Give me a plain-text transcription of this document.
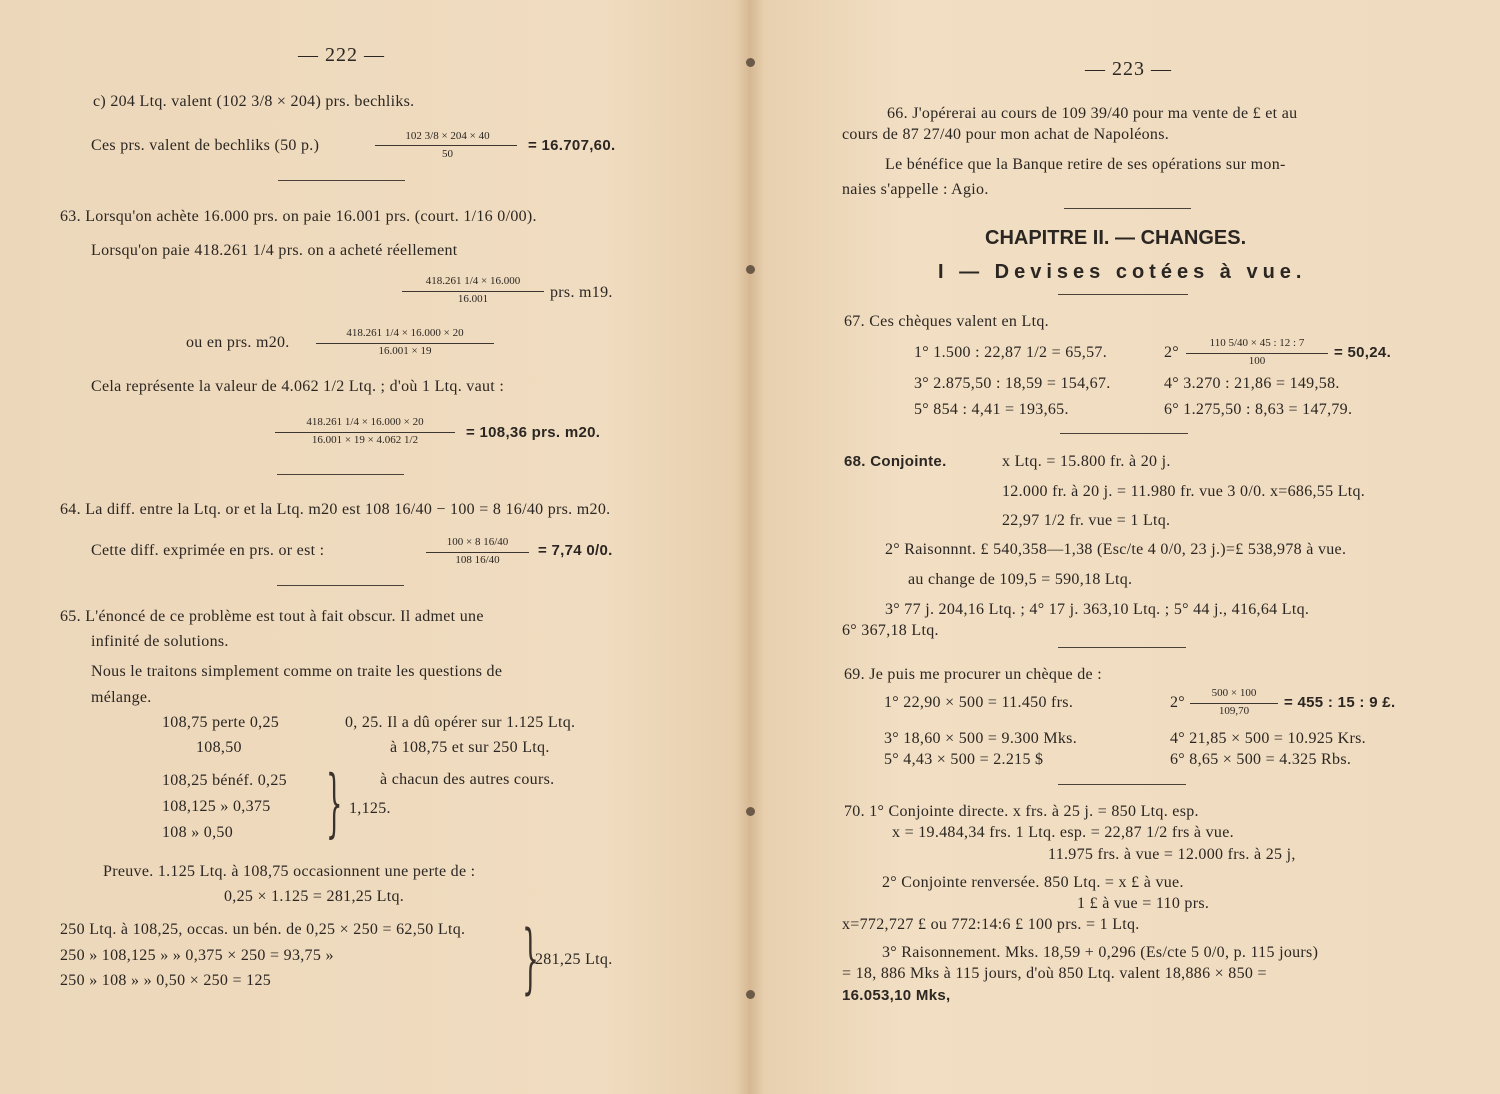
— 222 —
c) 204 Ltq. valent (102 3/8 × 204) prs. bechliks.
Ces prs. valent de bechliks (50 p.)
102 3/8 × 204 × 40
50	= 16.707,60.
63. Lorsqu'on achète 16.000 prs. on paie 16.001 prs. (court. 1/16 0/00).
Lorsqu'on paie 418.261 1/4 prs. on a acheté réellement
418.261 1/4 × 16.000
16.001	prs. m19.
ou en prs. m20.
418.261 1/4 × 16.000 × 20
16.001 × 19
Cela représente la valeur de 4.062 1/2 Ltq. ; d'où 1 Ltq. vaut :
418.261 1/4 × 16.000 × 20
16.001 × 19 × 4.062 1/2	= 108,36 prs. m20.
64. La diff. entre la Ltq. or et la Ltq. m20 est 108 16/40 − 100 = 8 16/40 prs. m20.
Cette diff. exprimée en prs. or est :	100 × 8 16/40
108 16/40
= 7,74 0/0.
65. L'énoncé de ce problème est tout à fait obscur. Il admet une
infinité de solutions.
Nous le traitons simplement comme on traite les questions de
mélange.
108,75 perte 0,25	0, 25. Il a dû opérer sur 1.125 Ltq.
108,50	à 108,75 et sur 250 Ltq.
108,25 bénéf. 0,25	à chacun des autres cours.
108,125 » 0,375	1,125.
108 » 0,50 }
Preuve. 1.125 Ltq. à 108,75 occasionnent une perte de :
0,25 × 1.125 = 281,25 Ltq.
250 Ltq. à 108,25, occas. un bén. de 0,25 × 250 = 62,50 Ltq.
250 » 108,125 » » 0,375 × 250 = 93,75 »
250 » 108 » » 0,50 × 250 = 125	}
281,25 Ltq.
— 223 —
66. J'opérerai au cours de 109 39/40 pour ma vente de £ et au
cours de 87 27/40 pour mon achat de Napoléons.
Le bénéfice que la Banque retire de ses opérations sur mon-
naies s'appelle : Agio.
CHAPITRE II. — CHANGES.
I — Devises cotées à vue.
67. Ces chèques valent en Ltq.
1° 1.500 : 22,87 1/2 = 65,57.	2°
110 5/40 × 45 : 12 : 7
100	= 50,24.
3° 2.875,50 : 18,59 = 154,67.	4° 3.270 : 21,86 = 149,58.
5° 854 : 4,41 = 193,65.	6° 1.275,50 : 8,63 = 147,79.
68. Conjointe.	x Ltq. = 15.800 fr. à 20 j.
12.000 fr. à 20 j. = 11.980 fr. vue 3 0/0. x=686,55 Ltq.
22,97 1/2 fr. vue = 1 Ltq.
2° Raisonnnt. £ 540,358—1,38 (Esc/te 4 0/0, 23 j.)=£ 538,978 à vue.
au change de 109,5 = 590,18 Ltq.
3° 77 j. 204,16 Ltq. ; 4° 17 j. 363,10 Ltq. ; 5° 44 j., 416,64 Ltq.
6° 367,18 Ltq.
69. Je puis me procurer un chèque de :
1° 22,90 × 500 = 11.450 frs.	2°
500 × 100
109,70	= 455 : 15 : 9 £.
3° 18,60 × 500 = 9.300 Mks.	4° 21,85 × 500 = 10.925 Krs.
5° 4,43 × 500 = 2.215 $	6° 8,65 × 500 = 4.325 Rbs.
70. 1° Conjointe directe. x frs. à 25 j. = 850 Ltq. esp.
x = 19.484,34 frs. 1 Ltq. esp. = 22,87 1/2 frs à vue.
11.975 frs. à vue = 12.000 frs. à 25 j,
2° Conjointe renversée. 850 Ltq. = x £ à vue.
1 £ à vue = 110 prs.
x=772,727 £ ou 772:14:6 £ 100 prs. = 1 Ltq.
3° Raisonnement. Mks. 18,59 + 0,296 (Es/cte 5 0/0, p. 115 jours)
= 18, 886 Mks à 115 jours, d'où 850 Ltq. valent 18,886 × 850 =
16.053,10 Mks,
